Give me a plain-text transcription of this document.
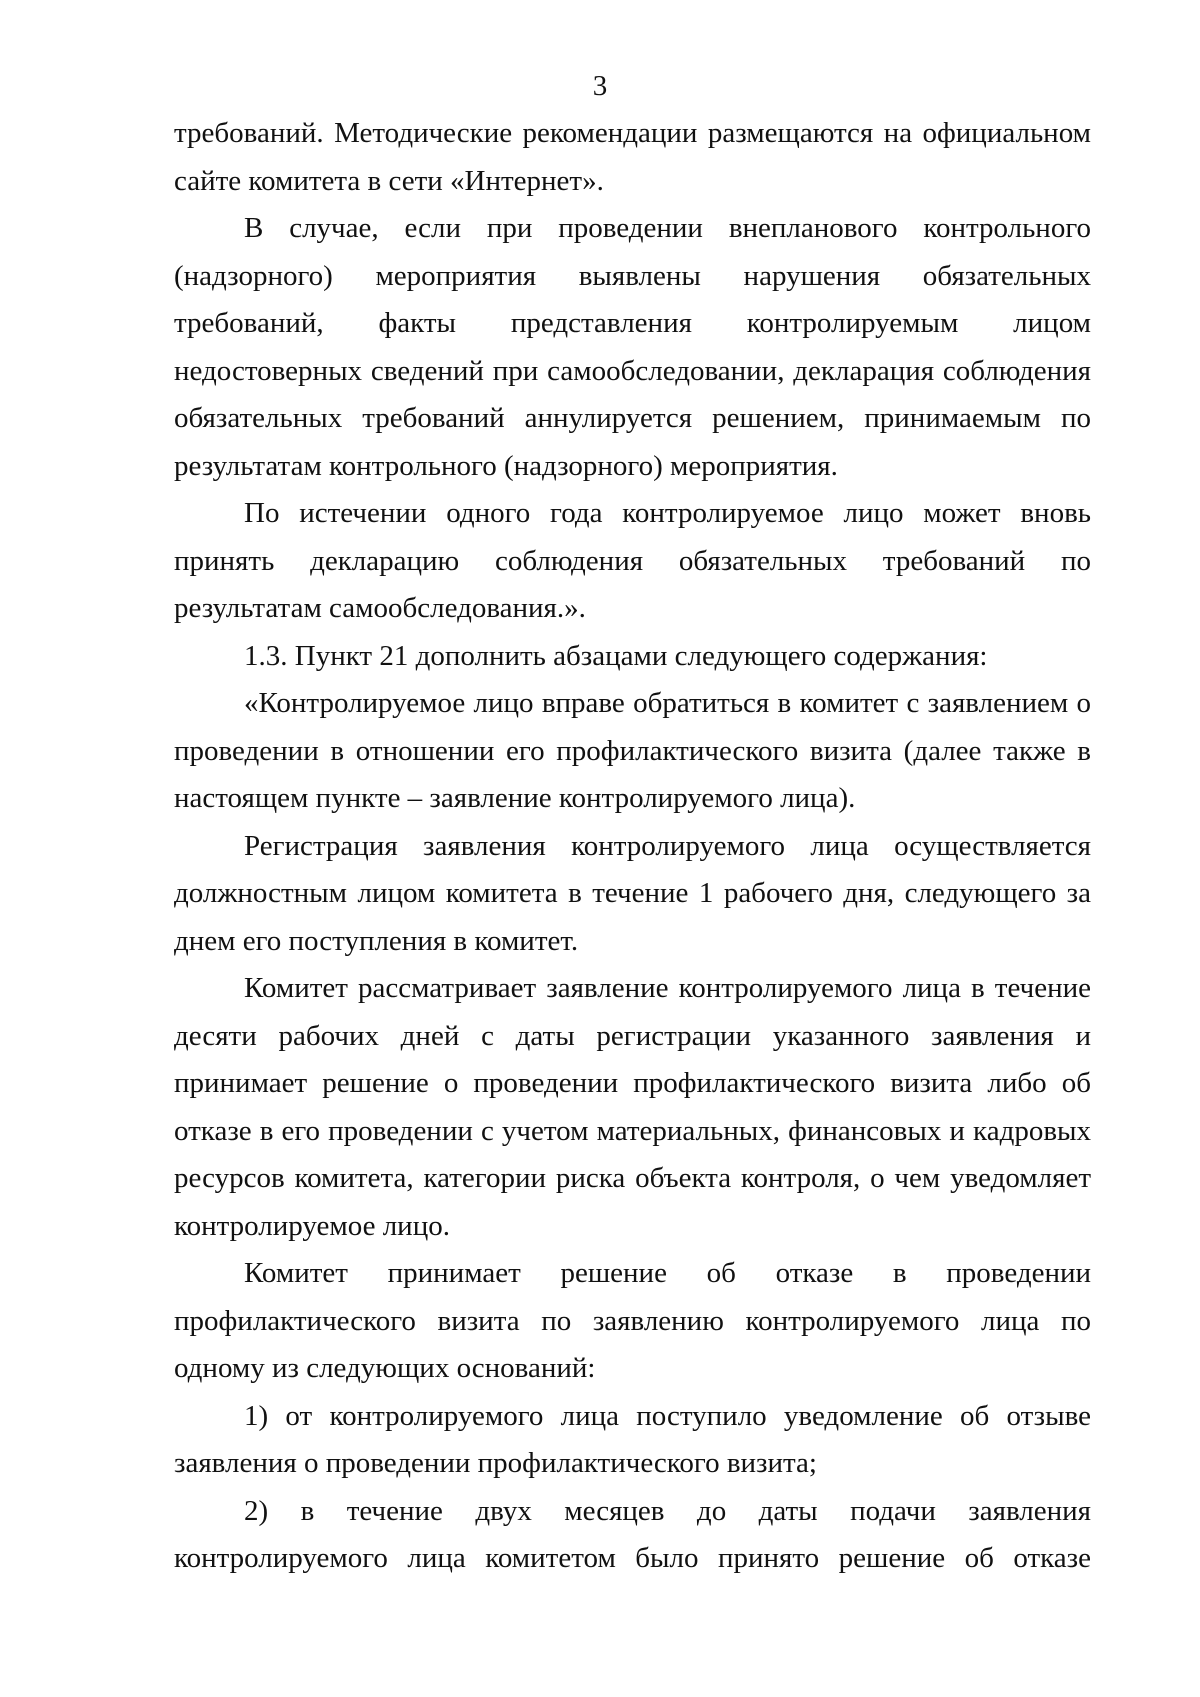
3

требований. Методические рекомендации размещаются на официальном сайте комитета в сети «Интернет».

В случае, если при проведении внепланового контрольного (надзорного) мероприятия выявлены нарушения обязательных требований, факты представления контролируемым лицом недостоверных сведений при самообследовании, декларация соблюдения обязательных требований аннулируется решением, принимаемым по результатам контрольного (надзорного) мероприятия.

По истечении одного года контролируемое лицо может вновь принять декларацию соблюдения обязательных требований по результатам самообследования.».

1.3. Пункт 21 дополнить абзацами следующего содержания:

«Контролируемое лицо вправе обратиться в комитет с заявлением о проведении в отношении его профилактического визита (далее также в настоящем пункте – заявление контролируемого лица).

Регистрация заявления контролируемого лица осуществляется должностным лицом комитета в течение 1 рабочего дня, следующего за днем его поступления в комитет.

Комитет рассматривает заявление контролируемого лица в течение десяти рабочих дней с даты регистрации указанного заявления и принимает решение о проведении профилактического визита либо об отказе в его проведении с учетом материальных, финансовых и кадровых ресурсов комитета, категории риска объекта контроля, о чем уведомляет контролируемое лицо.

Комитет принимает решение об отказе в проведении профилактического визита по заявлению контролируемого лица по одному из следующих оснований:

1) от контролируемого лица поступило уведомление об отзыве заявления о проведении профилактического визита;

2) в течение двух месяцев до даты подачи заявления контролируемого лица комитетом было принято решение об отказе
